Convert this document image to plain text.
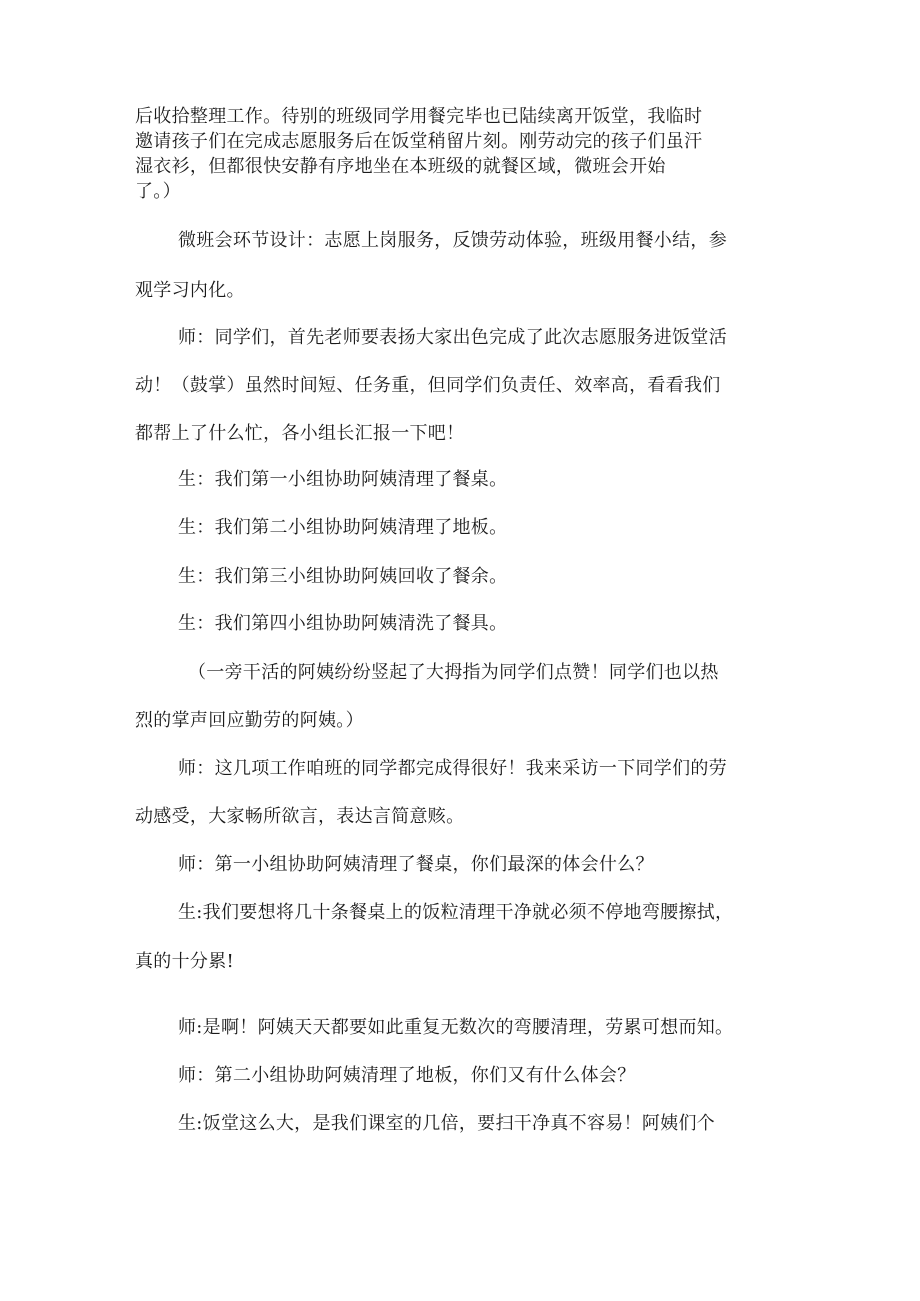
后收拾整理工作。待别的班级同学用餐完毕也已陆续离开饭堂，我临时
邀请孩子们在完成志愿服务后在饭堂稍留片刻。刚劳动完的孩子们虽汗
湿衣衫，但都很快安静有序地坐在本班级的就餐区域，微班会开始
了。）
微班会环节设计：志愿上岗服务，反馈劳动体验，班级用餐小结，参
观学习内化。
师：同学们，首先老师要表扬大家出色完成了此次志愿服务进饭堂活
动！（鼓掌）虽然时间短、任务重，但同学们负责任、效率高，看看我们
都帮上了什么忙，各小组长汇报一下吧！
生：我们第一小组协助阿姨清理了餐桌。
生：我们第二小组协助阿姨清理了地板。
生：我们第三小组协助阿姨回收了餐余。
生：我们第四小组协助阿姨清洗了餐具。
（一旁干活的阿姨纷纷竖起了大拇指为同学们点赞！同学们也以热
烈的掌声回应勤劳的阿姨。）
师：这几项工作咱班的同学都完成得很好！我来采访一下同学们的劳
动感受，大家畅所欲言，表达言简意赅。
师：第一小组协助阿姨清理了餐桌，你们最深的体会什么？
生:我们要想将几十条餐桌上的饭粒清理干净就必须不停地弯腰擦拭，
真的十分累!
师:是啊！阿姨天天都要如此重复无数次的弯腰清理，劳累可想而知。
师：第二小组协助阿姨清理了地板，你们又有什么体会？
生:饭堂这么大，是我们课室的几倍，要扫干净真不容易！阿姨们个
